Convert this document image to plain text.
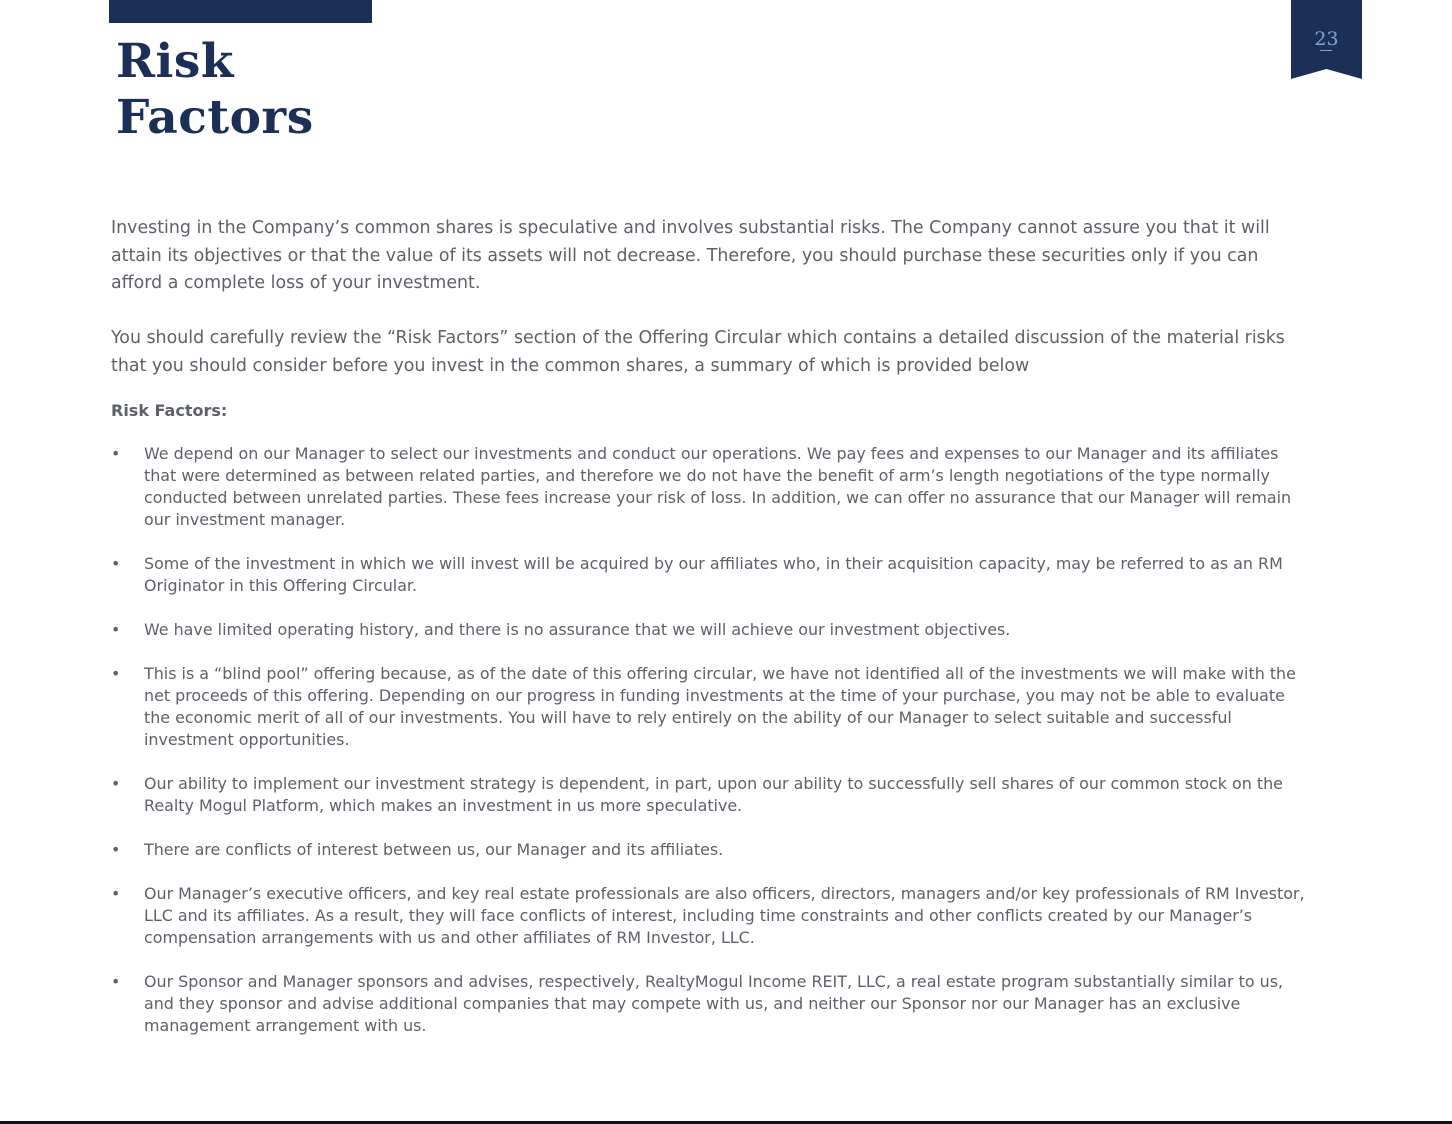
Risk
Factors
23

Investing in the Company’s common shares is speculative and involves substantial risks. The Company cannot assure you that it will attain its objectives or that the value of its assets will not decrease. Therefore, you should purchase these securities only if you can afford a complete loss of your investment.

You should carefully review the “Risk Factors” section of the Offering Circular which contains a detailed discussion of the material risks that you should consider before you invest in the common shares, a summary of which is provided below

Risk Factors:
• We depend on our Manager to select our investments and conduct our operations. We pay fees and expenses to our Manager and its affiliates that were determined as between related parties, and therefore we do not have the benefit of arm’s length negotiations of the type normally conducted between unrelated parties. These fees increase your risk of loss. In addition, we can offer no assurance that our Manager will remain our investment manager.
• Some of the investment in which we will invest will be acquired by our affiliates who, in their acquisition capacity, may be referred to as an RM Originator in this Offering Circular.
• We have limited operating history, and there is no assurance that we will achieve our investment objectives.
• This is a “blind pool” offering because, as of the date of this offering circular, we have not identified all of the investments we will make with the net proceeds of this offering. Depending on our progress in funding investments at the time of your purchase, you may not be able to evaluate the economic merit of all of our investments. You will have to rely entirely on the ability of our Manager to select suitable and successful investment opportunities.
• Our ability to implement our investment strategy is dependent, in part, upon our ability to successfully sell shares of our common stock on the Realty Mogul Platform, which makes an investment in us more speculative.
• There are conflicts of interest between us, our Manager and its affiliates.
• Our Manager’s executive officers, and key real estate professionals are also officers, directors, managers and/or key professionals of RM Investor, LLC and its affiliates. As a result, they will face conflicts of interest, including time constraints and other conflicts created by our Manager’s compensation arrangements with us and other affiliates of RM Investor, LLC.
• Our Sponsor and Manager sponsors and advises, respectively, RealtyMogul Income REIT, LLC, a real estate program substantially similar to us, and they sponsor and advise additional companies that may compete with us, and neither our Sponsor nor our Manager has an exclusive management arrangement with us.
